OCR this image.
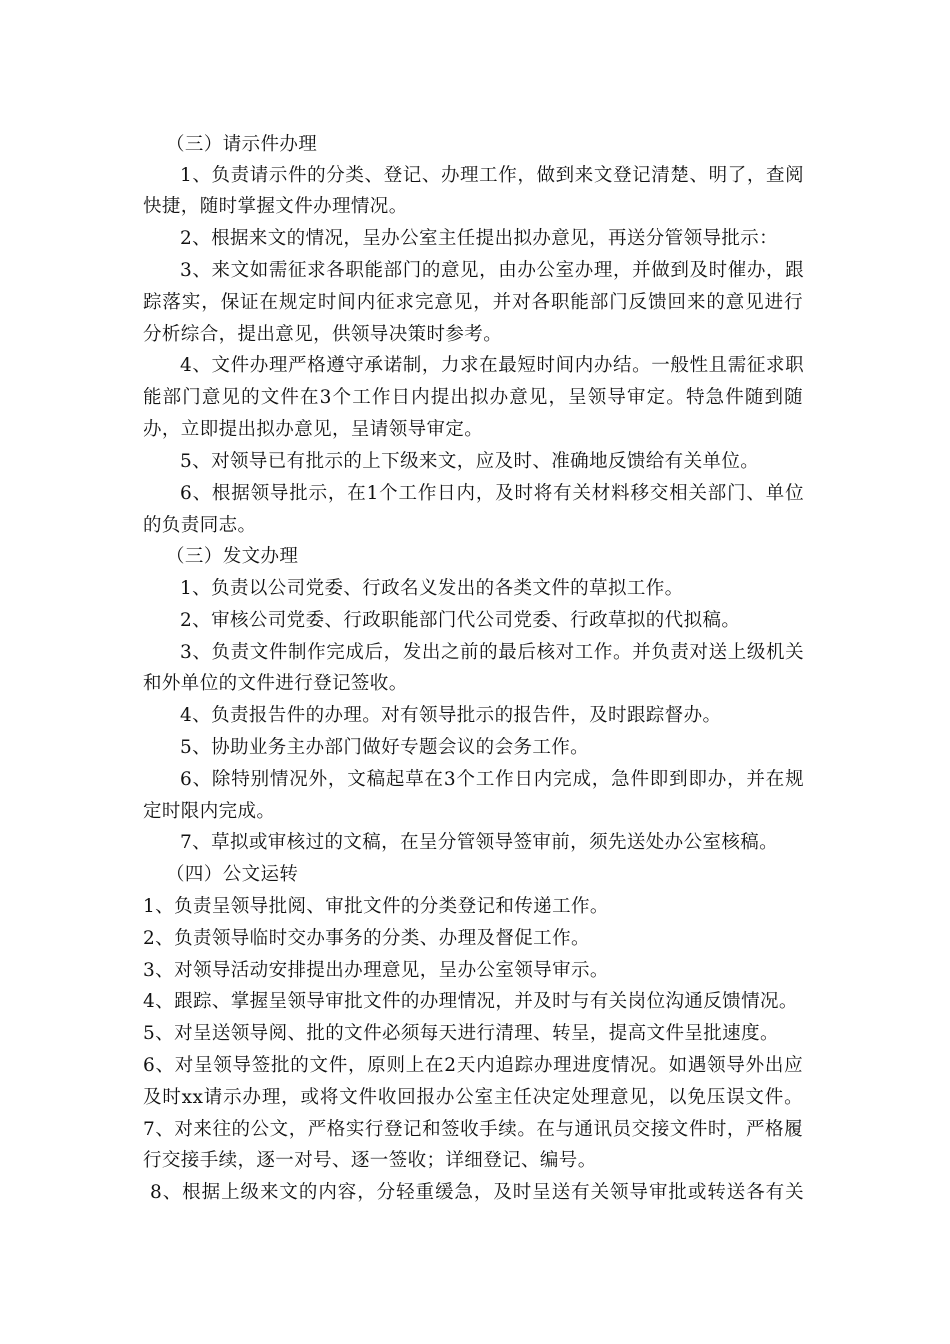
（三）请示件办理
1、负责请示件的分类、登记、办理工作，做到来文登记清楚、明了，查阅
快捷，随时掌握文件办理情况。
2、根据来文的情况，呈办公室主任提出拟办意见，再送分管领导批示：
3、来文如需征求各职能部门的意见，由办公室办理，并做到及时催办，跟
踪落实，保证在规定时间内征求完意见，并对各职能部门反馈回来的意见进行
分析综合，提出意见，供领导决策时参考。
4、文件办理严格遵守承诺制，力求在最短时间内办结。一般性且需征求职
能部门意见的文件在3个工作日内提出拟办意见，呈领导审定。特急件随到随
办，立即提出拟办意见，呈请领导审定。
5、对领导已有批示的上下级来文，应及时、准确地反馈给有关单位。
6、根据领导批示，在1个工作日内，及时将有关材料移交相关部门、单位
的负责同志。
（三）发文办理
1、负责以公司党委、行政名义发出的各类文件的草拟工作。
2、审核公司党委、行政职能部门代公司党委、行政草拟的代拟稿。
3、负责文件制作完成后，发出之前的最后核对工作。并负责对送上级机关
和外单位的文件进行登记签收。
4、负责报告件的办理。对有领导批示的报告件，及时跟踪督办。
5、协助业务主办部门做好专题会议的会务工作。
6、除特别情况外，文稿起草在3个工作日内完成，急件即到即办，并在规
定时限内完成。
7、草拟或审核过的文稿，在呈分管领导签审前，须先送处办公室核稿。
（四）公文运转
1、负责呈领导批阅、审批文件的分类登记和传递工作。
2、负责领导临时交办事务的分类、办理及督促工作。
3、对领导活动安排提出办理意见，呈办公室领导审示。
4、跟踪、掌握呈领导审批文件的办理情况，并及时与有关岗位沟通反馈情况。
5、对呈送领导阅、批的文件必须每天进行清理、转呈，提高文件呈批速度。
6、对呈领导签批的文件，原则上在2天内追踪办理进度情况。如遇领导外出应
及时xx请示办理，或将文件收回报办公室主任决定处理意见，以免压误文件。
7、对来往的公文，严格实行登记和签收手续。在与通讯员交接文件时，严格履
行交接手续，逐一对号、逐一签收；详细登记、编号。
8、根据上级来文的内容，分轻重缓急，及时呈送有关领导审批或转送各有关
